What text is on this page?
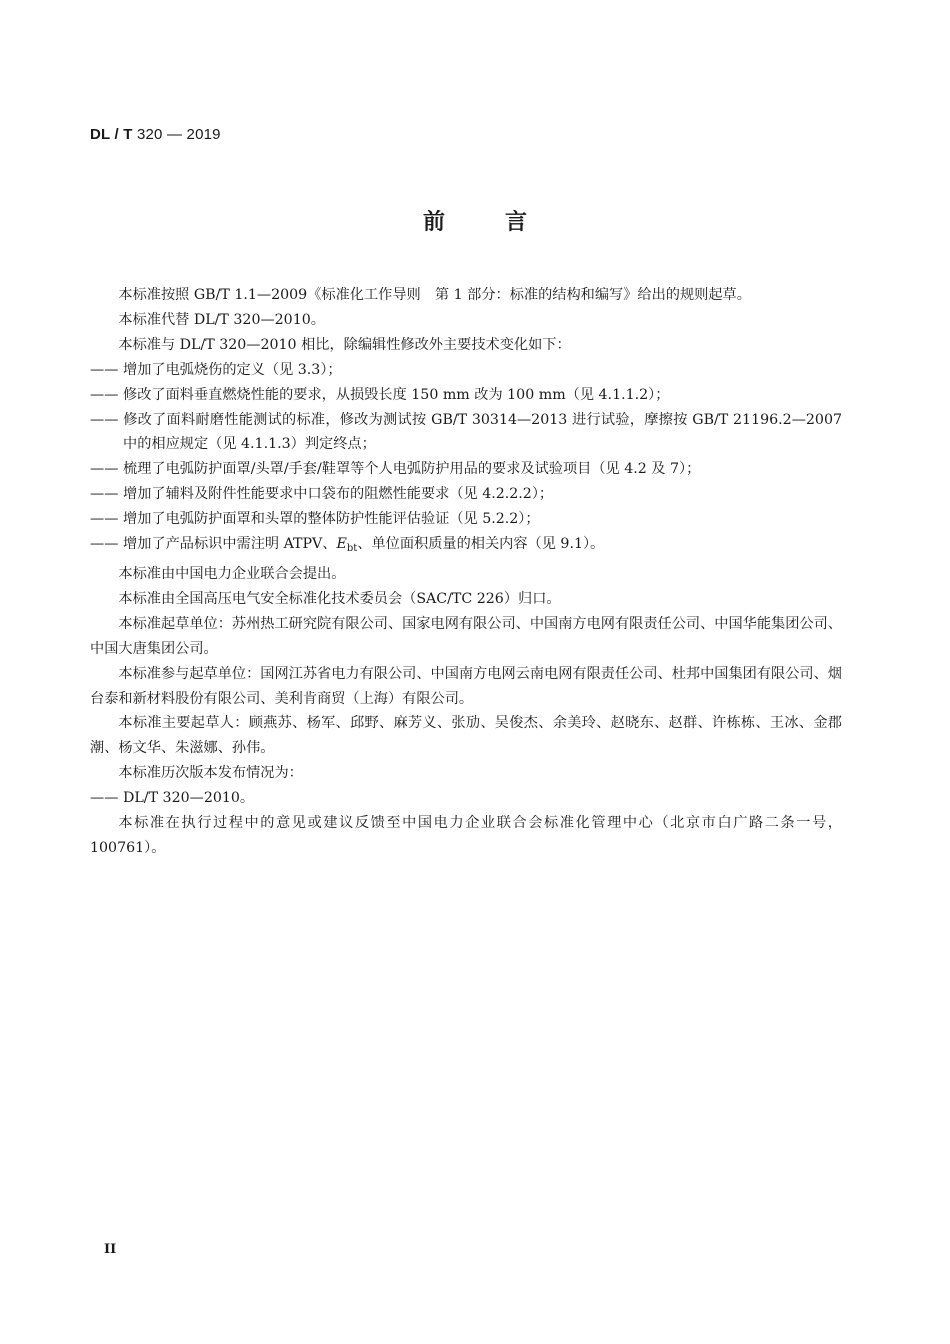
DL / T 320 — 2019
前	言

本标准按照 GB/T 1.1—2009《标准化工作导则　第 1 部分：标准的结构和编写》给出的规则起草。

本标准代替 DL/T 320—2010。

本标准与 DL/T 320—2010 相比，除编辑性修改外主要技术变化如下：

—— 增加了电弧烧伤的定义（见 3.3）；

—— 修改了面料垂直燃烧性能的要求，从损毁长度 150 mm 改为 100 mm（见 4.1.1.2）；

—— 修改了面料耐磨性能测试的标准，修改为测试按 GB/T 30314—2013 进行试验，摩擦按 GB/T 21196.2—2007 中的相应规定（见 4.1.1.3）判定终点；

—— 梳理了电弧防护面罩/头罩/手套/鞋罩等个人电弧防护用品的要求及试验项目（见 4.2 及 7）；

—— 增加了辅料及附件性能要求中口袋布的阻燃性能要求（见 4.2.2.2）；

—— 增加了电弧防护面罩和头罩的整体防护性能评估验证（见 5.2.2）；

—— 增加了产品标识中需注明 ATPV、$E_{bt}$、单位面积质量的相关内容（见 9.1）。

本标准由中国电力企业联合会提出。

本标准由全国高压电气安全标准化技术委员会（SAC/TC 226）归口。

本标准起草单位：苏州热工研究院有限公司、国家电网有限公司、中国南方电网有限责任公司、中国华能集团公司、中国大唐集团公司。

本标准参与起草单位：国网江苏省电力有限公司、中国南方电网云南电网有限责任公司、杜邦中国集团有限公司、烟台泰和新材料股份有限公司、美利肯商贸（上海）有限公司。

本标准主要起草人：顾燕苏、杨军、邱野、麻芳义、张劢、吴俊杰、余美玲、赵晓东、赵群、许栋栋、王冰、金郡潮、杨文华、朱滋娜、孙伟。

本标准历次版本发布情况为：

—— DL/T 320—2010。

本标准在执行过程中的意见或建议反馈至中国电力企业联合会标准化管理中心（北京市白广路二条一号，100761）。

II
